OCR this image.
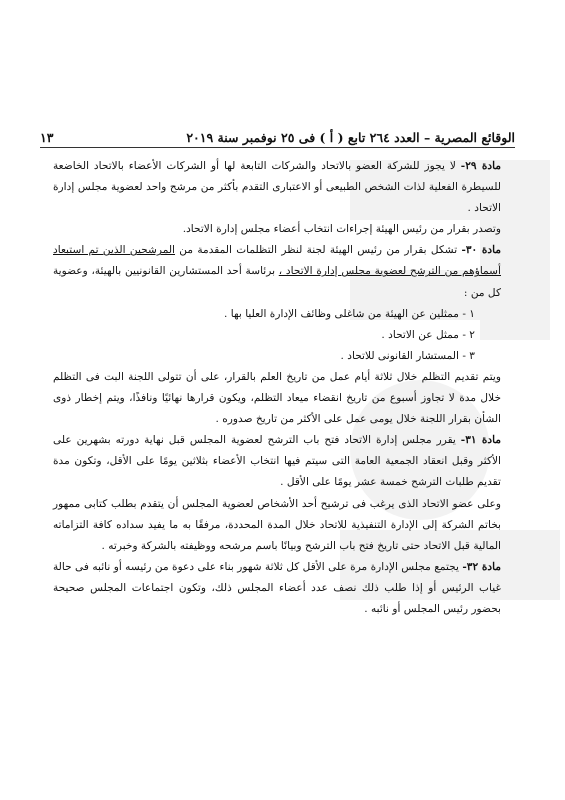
الوقائع المصرية – العدد ٢٦٤ تابع ( أ ) فى ٢٥ نوفمبر سنة ٢٠١٩
١٣

مادة ٢٩- لا يجوز للشركة العضو بالاتحاد والشركات التابعة لها أو الشركات الأعضاء بالاتحاد الخاضعة للسيطرة الفعلية لذات الشخص الطبيعى أو الاعتبارى التقدم بأكثر من مرشح واحد لعضوية مجلس إدارة الاتحاد .

وتصدر بقرار من رئيس الهيئة إجراءات انتخاب أعضاء مجلس إدارة الاتحاد.

مادة ٣٠- تشكل بقرار من رئيس الهيئة لجنة لنظر التظلمات المقدمة من المرشحين الذين تم استبعاد أسماؤهم من الترشح لعضوية مجلس إدارة الاتحاد ، برئاسة أحد المستشارين القانونيين بالهيئة، وعضوية كل من :

١ - ممثلين عن الهيئة من شاغلى وظائف الإدارة العليا بها .

٢ - ممثل عن الاتحاد .

٣ - المستشار القانونى للاتحاد .

ويتم تقديم التظلم خلال ثلاثة أيام عمل من تاريخ العلم بالقرار، على أن تتولى اللجنة البت فى التظلم خلال مدة لا تجاوز أسبوع من تاريخ انقضاء ميعاد التظلم، ويكون قرارها نهائيًا ونافذًا، ويتم إخطار ذوى الشأن بقرار اللجنة خلال يومى عمل على الأكثر من تاريخ صدوره .

مادة ٣١- يقرر مجلس إدارة الاتحاد فتح باب الترشح لعضوية المجلس قبل نهاية دورته بشهرين على الأكثر وقبل انعقاد الجمعية العامة التى سيتم فيها انتخاب الأعضاء بثلاثين يومًا على الأقل، وتكون مدة تقديم طلبات الترشح خمسة عشر يومًا على الأقل .

وعلى عضو الاتحاد الذى يرغب فى ترشيح أحد الأشخاص لعضوية المجلس أن يتقدم بطلب كتابى ممهور بخاتم الشركة إلى الإدارة التنفيذية للاتحاد خلال المدة المحددة، مرفقًا به ما يفيد سداده كافة التزاماته المالية قبل الاتحاد حتى تاريخ فتح باب الترشح وبيانًا باسم مرشحه ووظيفته بالشركة وخبرته .

مادة ٣٢- يجتمع مجلس الإدارة مرة على الأقل كل ثلاثة شهور بناء على دعوة من رئيسه أو نائبه فى حالة غياب الرئيس أو إذا طلب ذلك نصف عدد أعضاء المجلس ذلك، وتكون اجتماعات المجلس صحيحة بحضور رئيس المجلس أو نائبه .
